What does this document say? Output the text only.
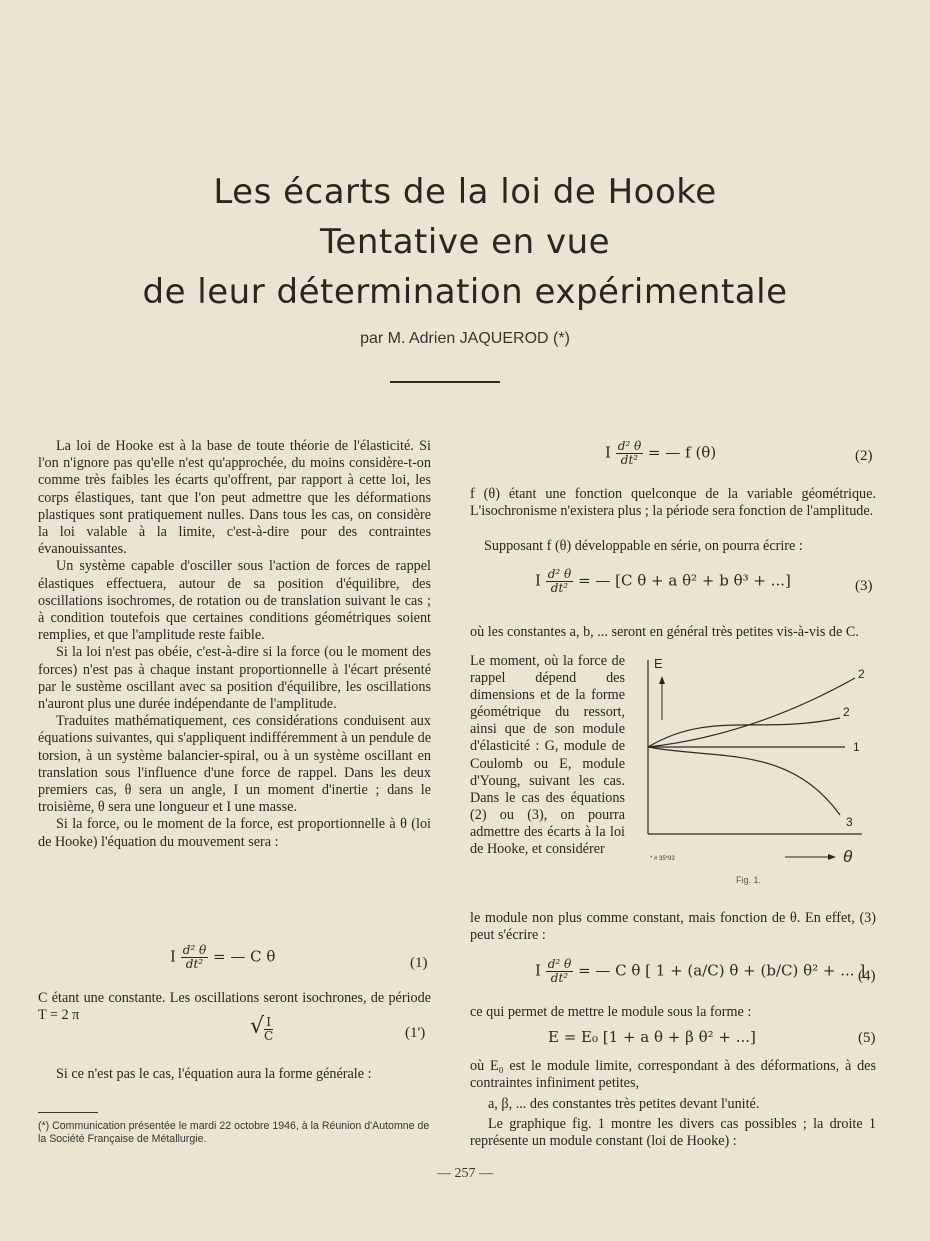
Les écarts de la loi de Hooke
Tentative en vue
de leur détermination expérimentale
par M. Adrien JAQUEROD (*)

La loi de Hooke est à la base de toute théorie de l'élasticité. Si l'on n'ignore pas qu'elle n'est qu'approchée, du moins considère-t-on comme très faibles les écarts qu'offrent, par rapport à cette loi, les corps élastiques, tant que l'on peut admettre que les déformations plastiques sont pratiquement nulles. Dans tous les cas, on considère la loi valable à la limite, c'est-à-dire pour des contraintes évanouissantes.

Un système capable d'osciller sous l'action de forces de rappel élastiques effectuera, autour de sa position d'équilibre, des oscillations isochromes, de rotation ou de translation suivant le cas ; à condition toutefois que certaines conditions géométriques soient remplies, et que l'amplitude reste faible.

Si la loi n'est pas obéie, c'est-à-dire si la force (ou le moment des forces) n'est pas à chaque instant proportionnelle à l'écart présenté par le sustème oscillant avec sa position d'équilibre, les oscillations n'auront plus une durée indépendante de l'amplitude.

Traduites mathématiquement, ces considérations conduisent aux équations suivantes, qui s'appliquent indifféremment à un pendule de torsion, à un système balancier-spiral, ou à un système oscillant en translation sous l'influence d'une force de rappel. Dans les deux premiers cas, θ sera un angle, I un moment d'inertie ; dans le troisième, θ sera une longueur et I une masse.

Si la force, ou le moment de la force, est proportionnelle à θ (loi de Hooke) l'équation du mouvement sera :

I $\frac{\text{d² θ}}{\text{dt²}}$ = — C θ	(1)
C étant une constante. Les oscillations seront isochrones, de période T = 2 π	√ $\frac{I}{C}$	(1')
Si ce n'est pas le cas, l'équation aura la forme générale :
(*) Communication présentée le mardi 22 octobre 1946, à la Réunion d'Automne de la Société Française de Métallurgie.
I $\frac{\text{d² θ}}{\text{dt²}}$ = — f (θ)	(2)
f (θ) étant une fonction quelconque de la variable géométrique. L'isochronisme n'existera plus ; la période sera fonction de l'amplitude.
Supposant f (θ) développable en série, on pourra écrire :
I $\frac{\text{d² θ}}{\text{dt²}}$ = — [C θ + a θ² + b θ³ + ...]	(3)
où les constantes a, b, ... seront en général très petites vis-à-vis de C.
Le moment, où la force de rappel dépend des dimensions et de la forme géométrique du ressort, ainsi que de son module d'élasticité : G, module de Coulomb ou E, module d'Young, suivant les cas. Dans le cas des équations (2) ou (3), on pourra admettre des écarts à la loi de Hooke, et considérer
E
θ
2
2
1
3
* # 35*93
Fig. 1.
le module non plus comme constant, mais fonction de θ. En effet, (3) peut s'écrire :
I $\frac{\text{d² θ}}{\text{dt²}}$ = — C θ [ 1 + (a/C) θ + (b/C) θ² + ... ]
(4)
ce qui permet de mettre le module sous la forme :
E = E₀ [1 + a θ + β θ² + ...]	(5)
où E₀ est le module limite, correspondant à des déformations, à des contraintes infiniment petites,
a, β, ... des constantes très petites devant l'unité.
Le graphique fig. 1 montre les divers cas possibles ; la droite 1 représente un module constant (loi de Hooke) :
— 257 —
